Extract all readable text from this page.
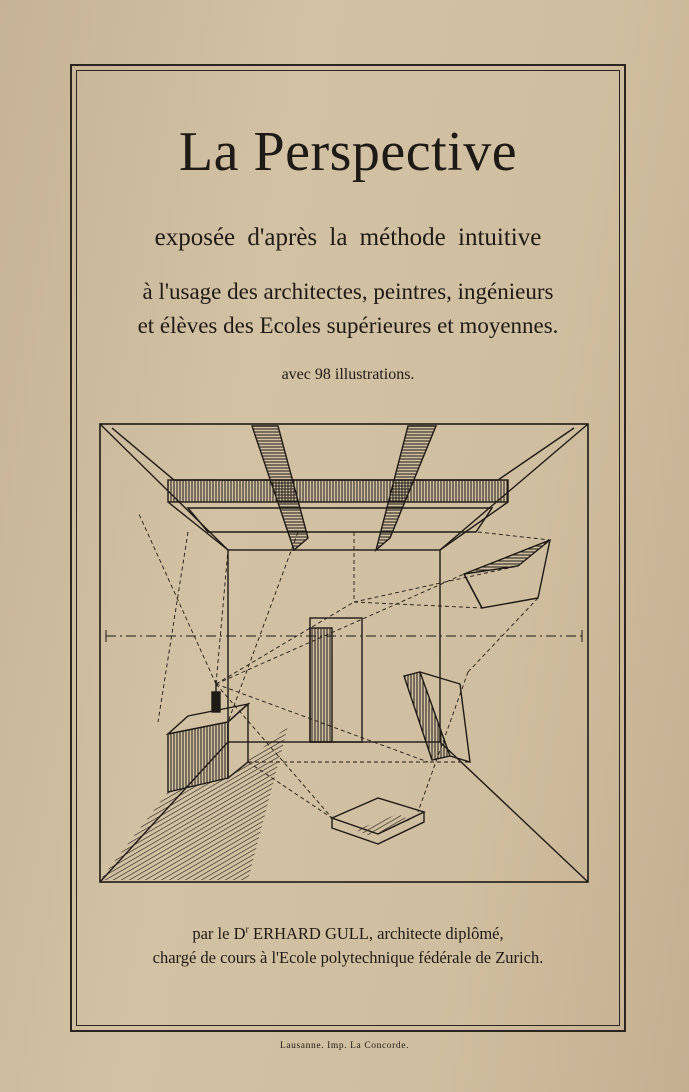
La Perspective
exposée d'après la méthode intuitive
à l'usage des architectes, peintres, ingénieurs
et élèves des Ecoles supérieures et moyennes.
avec 98 illustrations.
par le $D^r$ ERHARD GULL, architecte diplômé,
chargé de cours à l'Ecole polytechnique fédérale de Zurich.
Lausanne. Imp. La Concorde.
